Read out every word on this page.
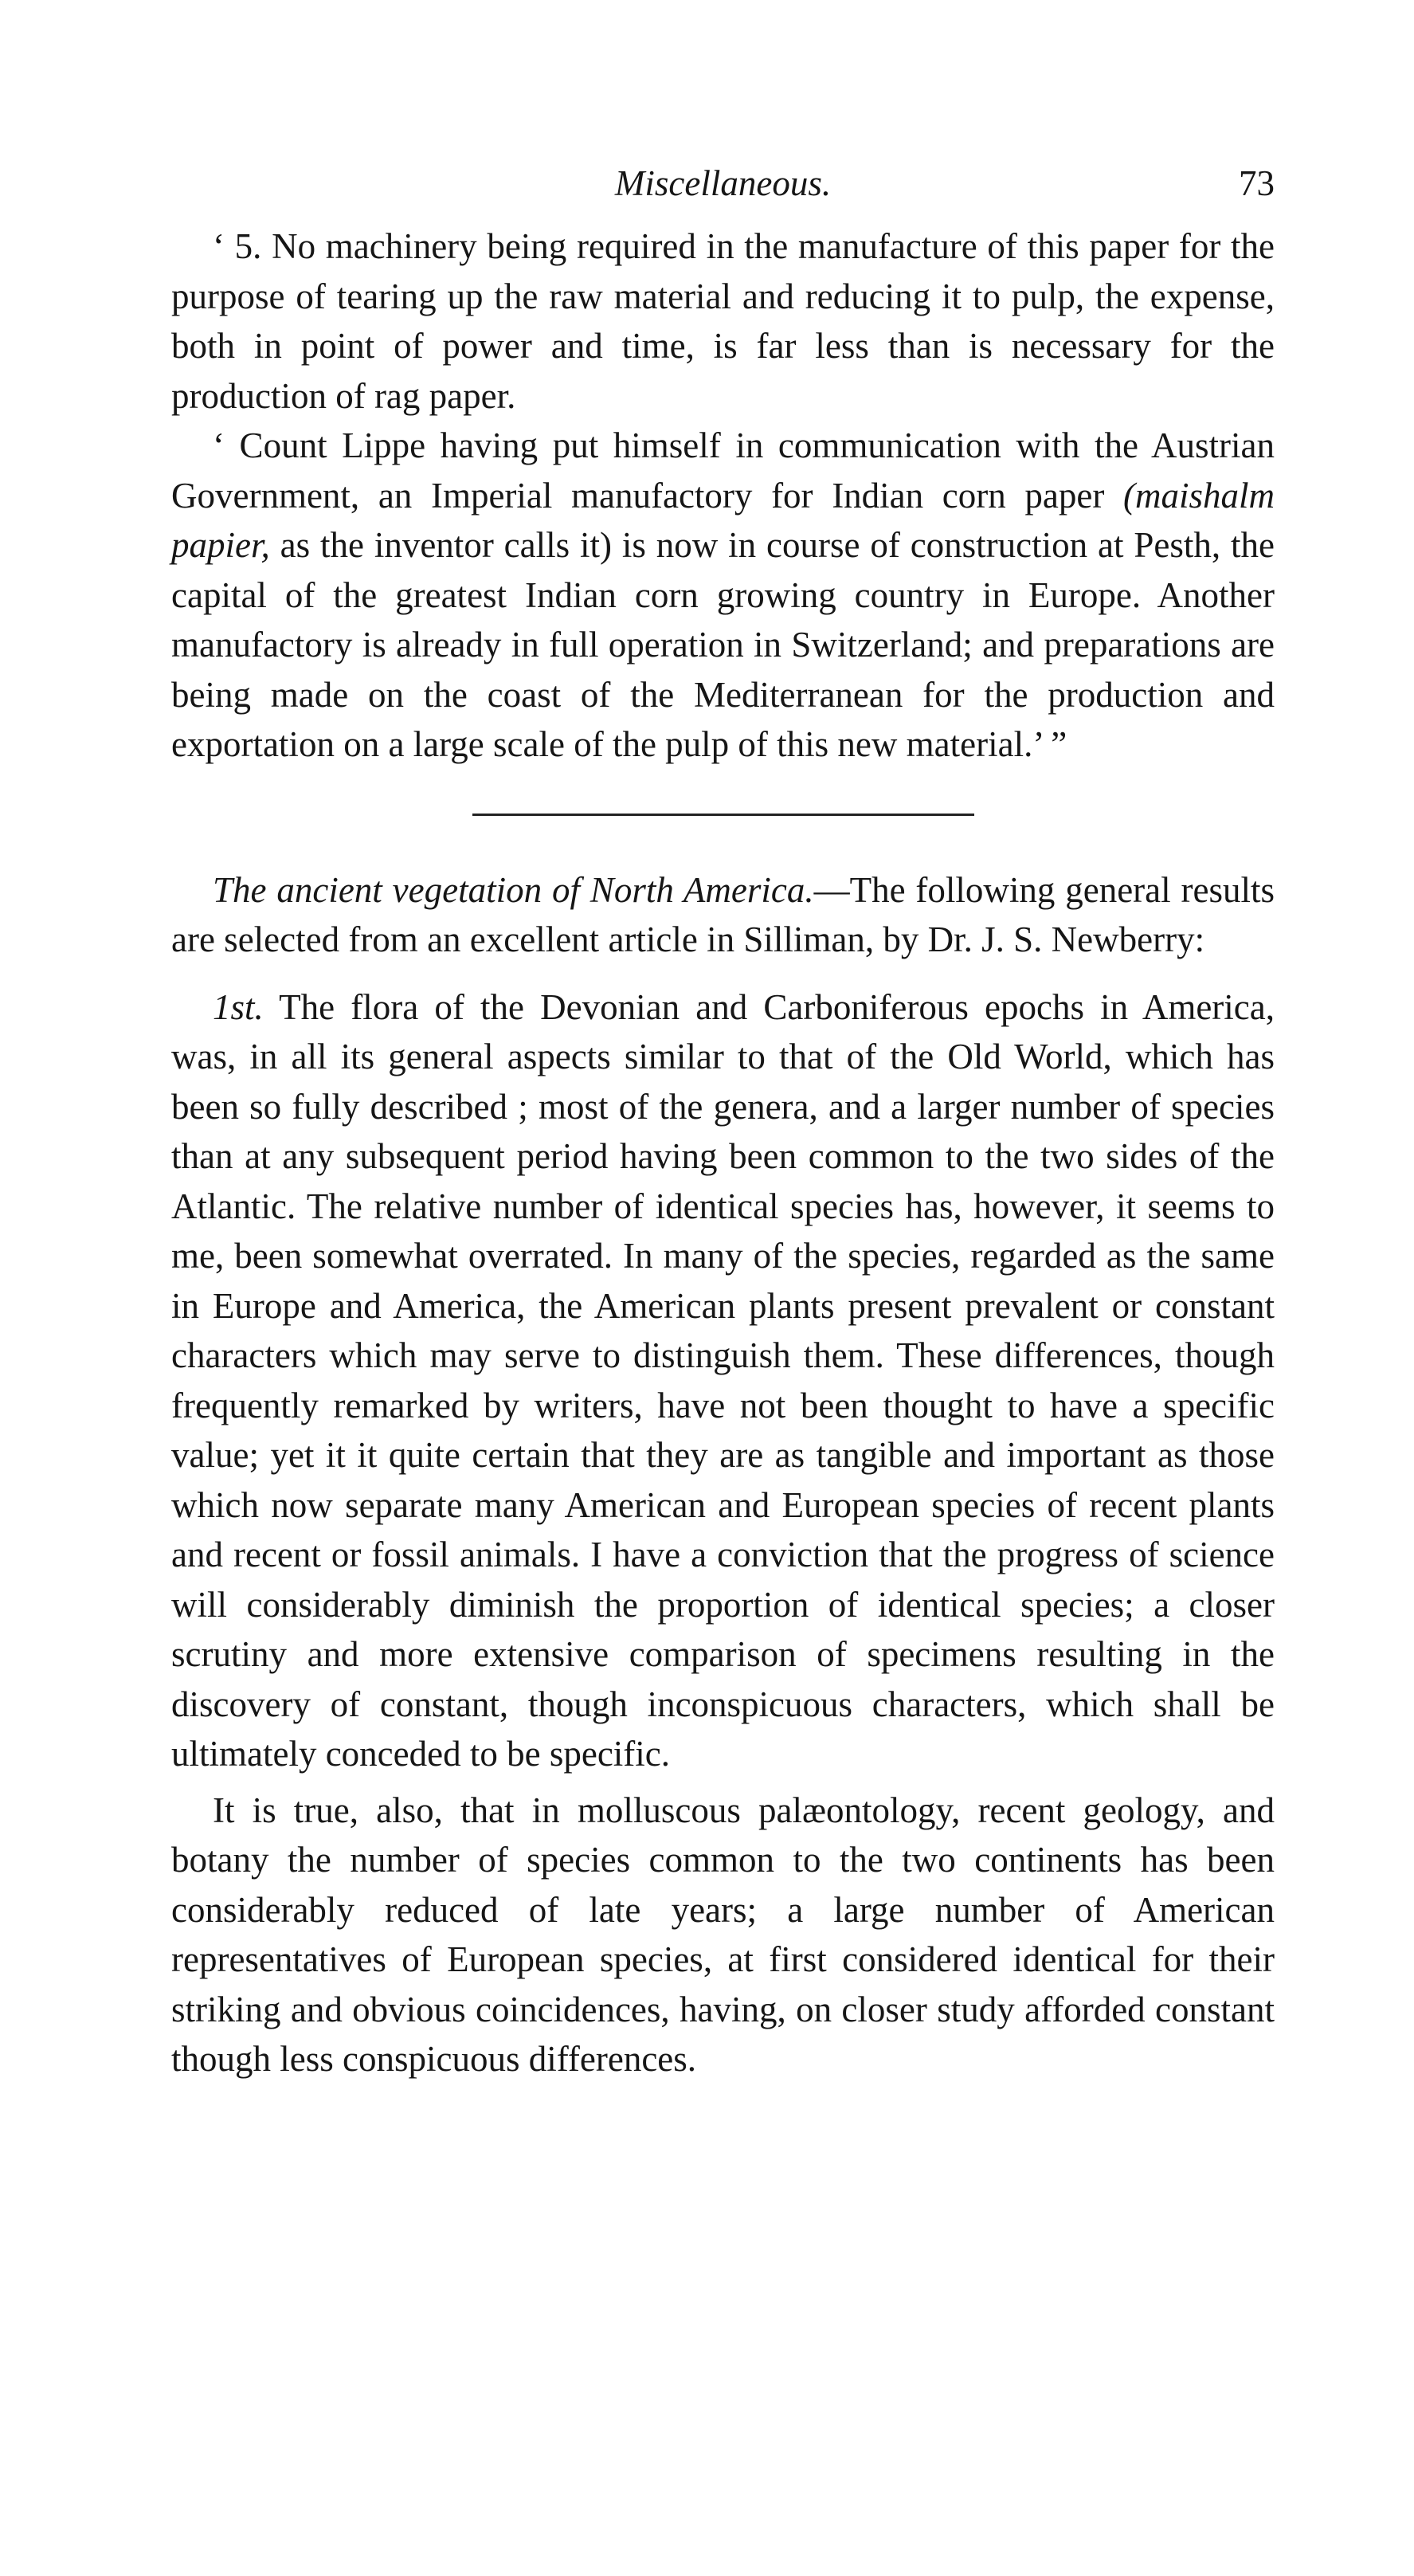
Miscellaneous.	73

‘ 5. No machinery being required in the manufacture of this paper for the purpose of tearing up the raw material and reducing it to pulp, the expense, both in point of power and time, is far less than is necessary for the production of rag paper.

‘ Count Lippe having put himself in communication with the Austrian Government, an Imperial manufactory for Indian corn paper (maishalm papier, as the inventor calls it) is now in course of construction at Pesth, the capital of the greatest Indian corn growing country in Europe. Another manufactory is already in full operation in Switzerland; and preparations are being made on the coast of the Mediterranean for the production and exportation on a large scale of the pulp of this new material.’ ”

The ancient vegetation of North America.—The following general results are selected from an excellent article in Silliman, by Dr. J. S. Newberry:

1st. The flora of the Devonian and Carboniferous epochs in America, was, in all its general aspects similar to that of the Old World, which has been so fully described ; most of the genera, and a larger number of species than at any subsequent period having been common to the two sides of the Atlantic. The relative number of identical species has, however, it seems to me, been somewhat overrated. In many of the species, regarded as the same in Europe and America, the American plants present prevalent or constant characters which may serve to distinguish them. These differences, though frequently remarked by writers, have not been thought to have a specific value; yet it it quite certain that they are as tangible and important as those which now separate many American and European species of recent plants and recent or fossil animals. I have a conviction that the progress of science will considerably diminish the proportion of identical species; a closer scrutiny and more extensive comparison of specimens resulting in the discovery of constant, though inconspicuous characters, which shall be ultimately conceded to be specific.

It is true, also, that in molluscous palæontology, recent geology, and botany the number of species common to the two continents has been considerably reduced of late years; a large number of American representatives of European species, at first considered identical for their striking and obvious coincidences, having, on closer study afforded constant though less conspicuous differences.
